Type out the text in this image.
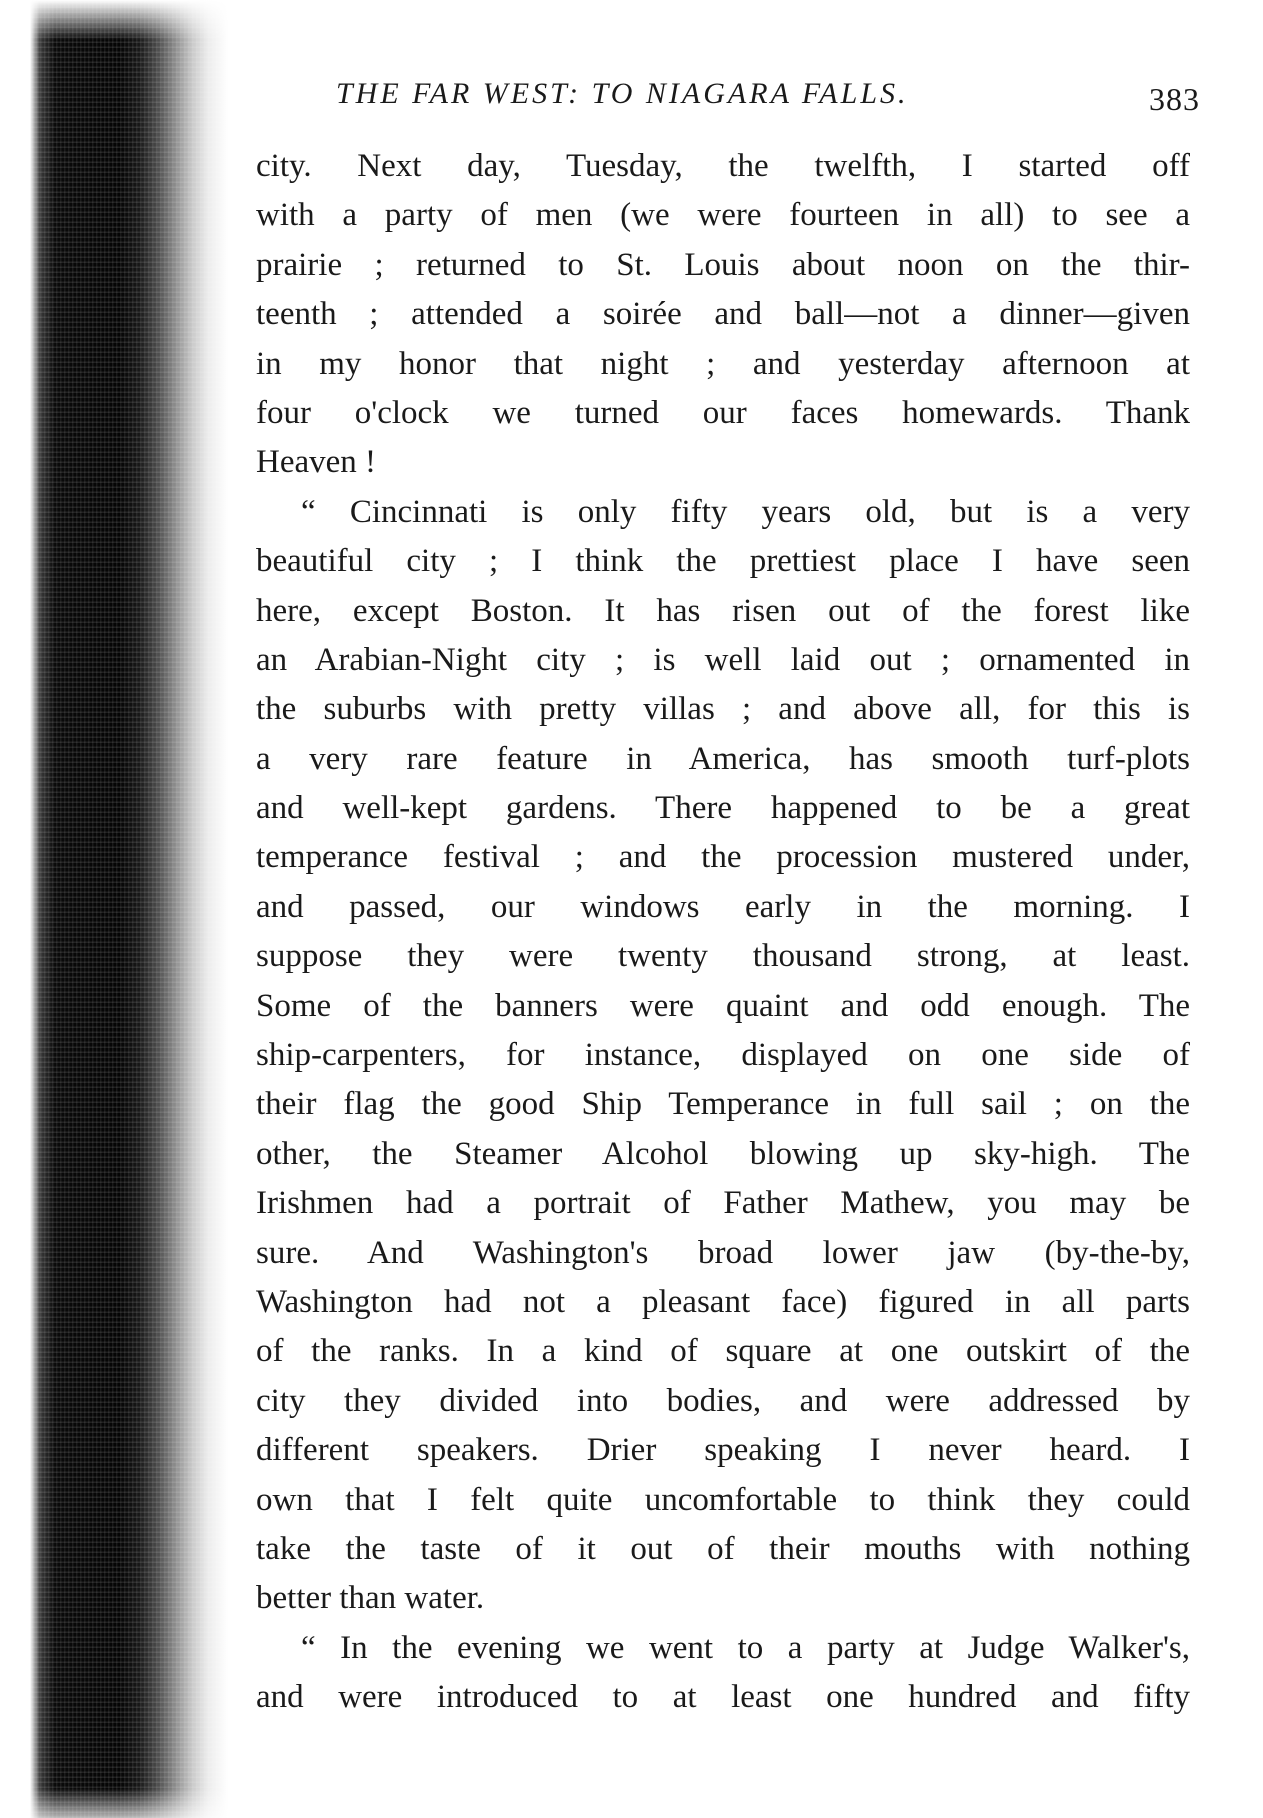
THE FAR WEST: TO NIAGARA FALLS.	383
city. Next day, Tuesday, the twelfth, I started off
with a party of men (we were fourteen in all) to see a
prairie ; returned to St. Louis about noon on the thir-
teenth ; attended a soirée and ball—not a dinner—given
in my honor that night ; and yesterday afternoon at
four o'clock we turned our faces homewards. Thank
Heaven !
“ Cincinnati is only fifty years old, but is a very
beautiful city ; I think the prettiest place I have seen
here, except Boston. It has risen out of the forest like
an Arabian-Night city ; is well laid out ; ornamented in
the suburbs with pretty villas ; and above all, for this is
a very rare feature in America, has smooth turf-plots
and well-kept gardens. There happened to be a great
temperance festival ; and the procession mustered under,
and passed, our windows early in the morning. I
suppose they were twenty thousand strong, at least.
Some of the banners were quaint and odd enough. The
ship-carpenters, for instance, displayed on one side of
their flag the good Ship Temperance in full sail ; on the
other, the Steamer Alcohol blowing up sky-high. The
Irishmen had a portrait of Father Mathew, you may be
sure. And Washington's broad lower jaw (by-the-by,
Washington had not a pleasant face) figured in all parts
of the ranks. In a kind of square at one outskirt of the
city they divided into bodies, and were addressed by
different speakers. Drier speaking I never heard. I
own that I felt quite uncomfortable to think they could
take the taste of it out of their mouths with nothing
better than water.
“ In the evening we went to a party at Judge Walker's,
and were introduced to at least one hundred and fifty
